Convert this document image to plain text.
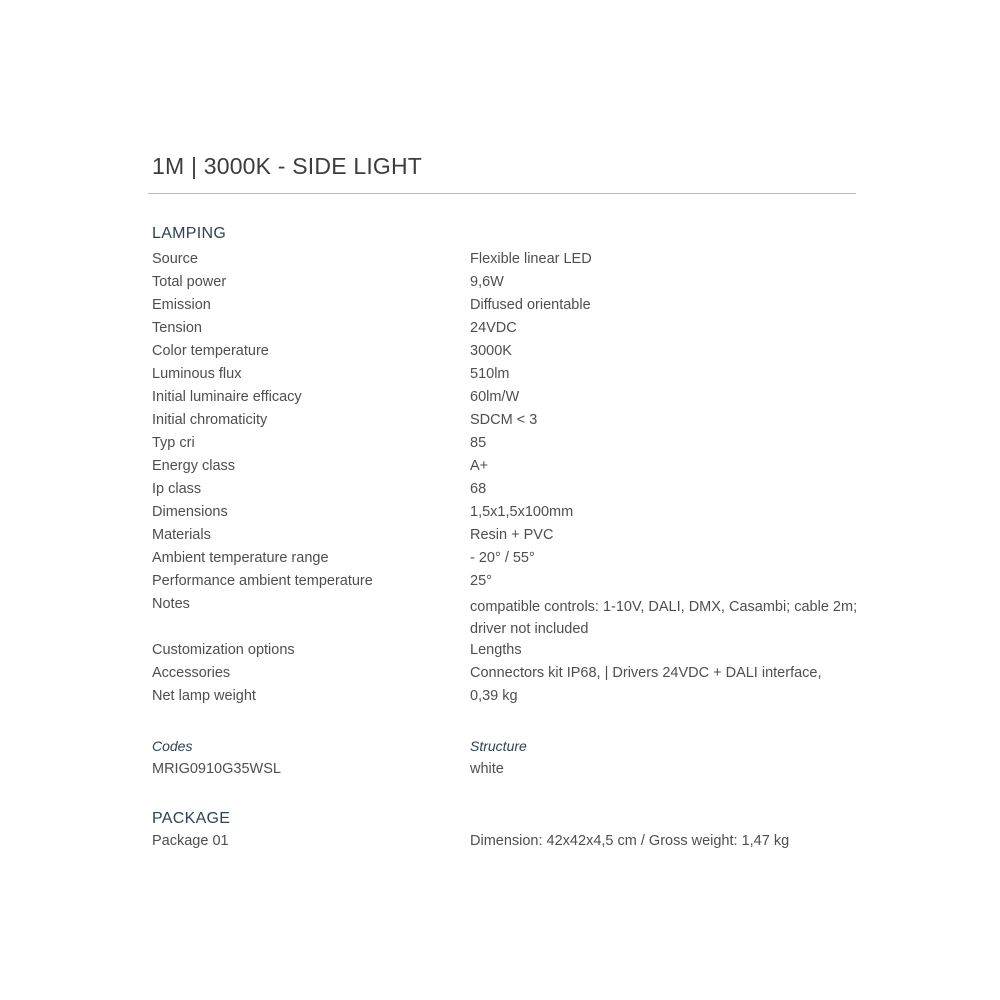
1M | 3000K - SIDE LIGHT
LAMPING
Source	Flexible linear LED
Total power	9,6W
Emission	Diffused orientable
Tension	24VDC
Color temperature	3000K
Luminous flux	510lm
Initial luminaire efficacy	60lm/W
Initial chromaticity	SDCM < 3
Typ cri	85
Energy class	A+
Ip class	68
Dimensions	1,5x1,5x100mm
Materials	Resin + PVC
Ambient temperature range	- 20° / 55°
Performance ambient temperature	25°
Notes	compatible controls: 1-10V, DALI, DMX, Casambi; cable 2m; driver not included
Customization options	Lengths
Accessories	Connectors kit IP68, | Drivers 24VDC + DALI interface,
Net lamp weight	0,39 kg
Codes	Structure
MRIG0910G35WSL	white
PACKAGE
Package 01	Dimension: 42x42x4,5 cm / Gross weight: 1,47 kg
